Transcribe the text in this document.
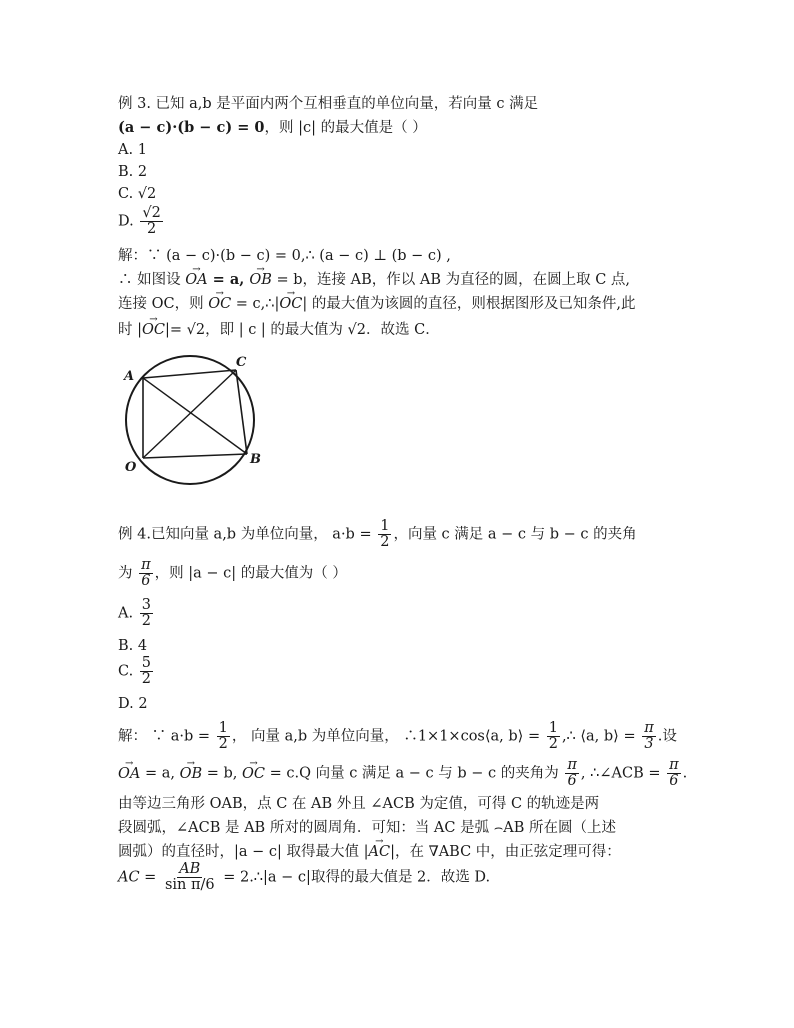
例 3. 已知 a,b 是平面内两个互相垂直的单位向量，若向量 c 满足
(a − c)·(b − c) = 0，则 |c| 的最大值是（ ）
A. 1
B. 2
C. √2
D. $\frac{√2}{2}$
解：∵ (a − c)·(b − c) = 0,∴ (a − c) ⊥ (b − c) ,
∴ 如图设 → OA = a, → OB = b，连接 AB，作以 AB 为直径的圆，在圆上取 C 点,
连接 OC，则 → OC = c,∴|→ OC| 的最大值为该圆的直径，则根据图形及已知条件,此
时 |→ OC|= √2，即 | c | 的最大值为 √2．故选 C．
A
C
O
B
例 4.已知向量 a,b 为单位向量， $a\cdot b = \frac{1}{2}$ ，向量 c 满足 a − c 与 b − c 的夹角
为 $\frac{\pi}{6}$ ，则 |a − c| 的最大值为（ ）
A. $\frac{3}{2}$
B. 4
C. $\frac{5}{2}$
D. 2
解： ∵ $a\cdot b = \frac{1}{2}$ ， 向量 a,b 为单位向量， ∴1×1×cos⟨a, b⟩ = $\frac{1}{2}$ ,∴ ⟨a, b⟩ = $\frac{\pi}{3}$ .设
→ OA = a, → OB = b, → OC = c.Q 向量 c 满足 a − c 与 b − c 的夹角为 $\frac{\pi}{6}$ , ∴∠ACB = $\frac{\pi}{6}$ .
由等边三角形 OAB，点 C 在 AB 外且 ∠ACB 为定值，可得 C 的轨迹是两
段圆弧，∠ACB 是 AB 所对的圆周角．可知：当 AC 是弧 ⌢AB 所在圆（上述
圆弧）的直径时，|a − c| 取得最大值 |→ AC|，在 ∇ABC 中，由正弦定理可得：
AC = $\frac{AB}{\text{sin π/6}}$ = 2.∴|a − c|取得的最大值是 2．故选 D.
